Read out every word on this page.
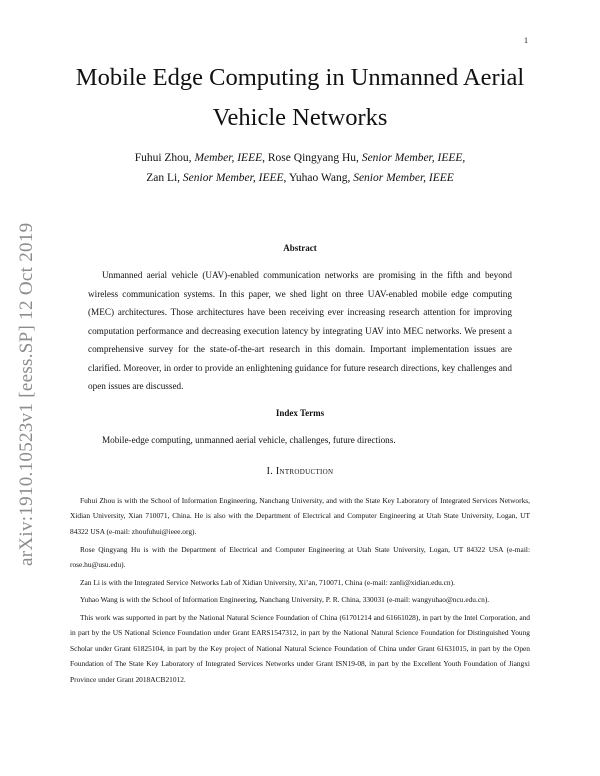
1
arXiv:1910.10523v1 [eess.SP] 12 Oct 2019
Mobile Edge Computing in Unmanned Aerial Vehicle Networks
Fuhui Zhou, Member, IEEE, Rose Qingyang Hu, Senior Member, IEEE,
Zan Li, Senior Member, IEEE, Yuhao Wang, Senior Member, IEEE
Abstract
Unmanned aerial vehicle (UAV)-enabled communication networks are promising in the fifth and beyond wireless communication systems. In this paper, we shed light on three UAV-enabled mobile edge computing (MEC) architectures. Those architectures have been receiving ever increasing research attention for improving computation performance and decreasing execution latency by integrating UAV into MEC networks. We present a comprehensive survey for the state-of-the-art research in this domain. Important implementation issues are clarified. Moreover, in order to provide an enlightening guidance for future research directions, key challenges and open issues are discussed.
Index Terms
Mobile-edge computing, unmanned aerial vehicle, challenges, future directions.
I. Introduction

Fuhui Zhou is with the School of Information Engineering, Nanchang University, and with the State Key Laboratory of Integrated Services Networks, Xidian University, Xian 710071, China. He is also with the Department of Electrical and Computer Engineering at Utah State University, Logan, UT 84322 USA (e-mail: zhoufuhui@ieee.org).

Rose Qingyang Hu is with the Department of Electrical and Computer Engineering at Utah State University, Logan, UT 84322 USA (e-mail: rose.hu@usu.edu).

Zan Li is with the Integrated Service Networks Lab of Xidian University, Xi’an, 710071, China (e-mail: zanli@xidian.edu.cn).

Yuhao Wang is with the School of Information Engineering, Nanchang University, P. R. China, 330031 (e-mail: wangyuhao@ncu.edu.cn).

This work was supported in part by the National Natural Science Foundation of China (61701214 and 61661028), in part by the Intel Corporation, and in part by the US National Science Foundation under Grant EARS1547312, in part by the National Natural Science Foundation for Distinguished Young Scholar under Grant 61825104, in part by the Key project of National Natural Science Foundation of China under Grant 61631015, in part by the Open Foundation of The State Key Laboratory of Integrated Services Networks under Grant ISN19-08, in part by the Excellent Youth Foundation of Jiangxi Province under Grant 2018ACB21012.
